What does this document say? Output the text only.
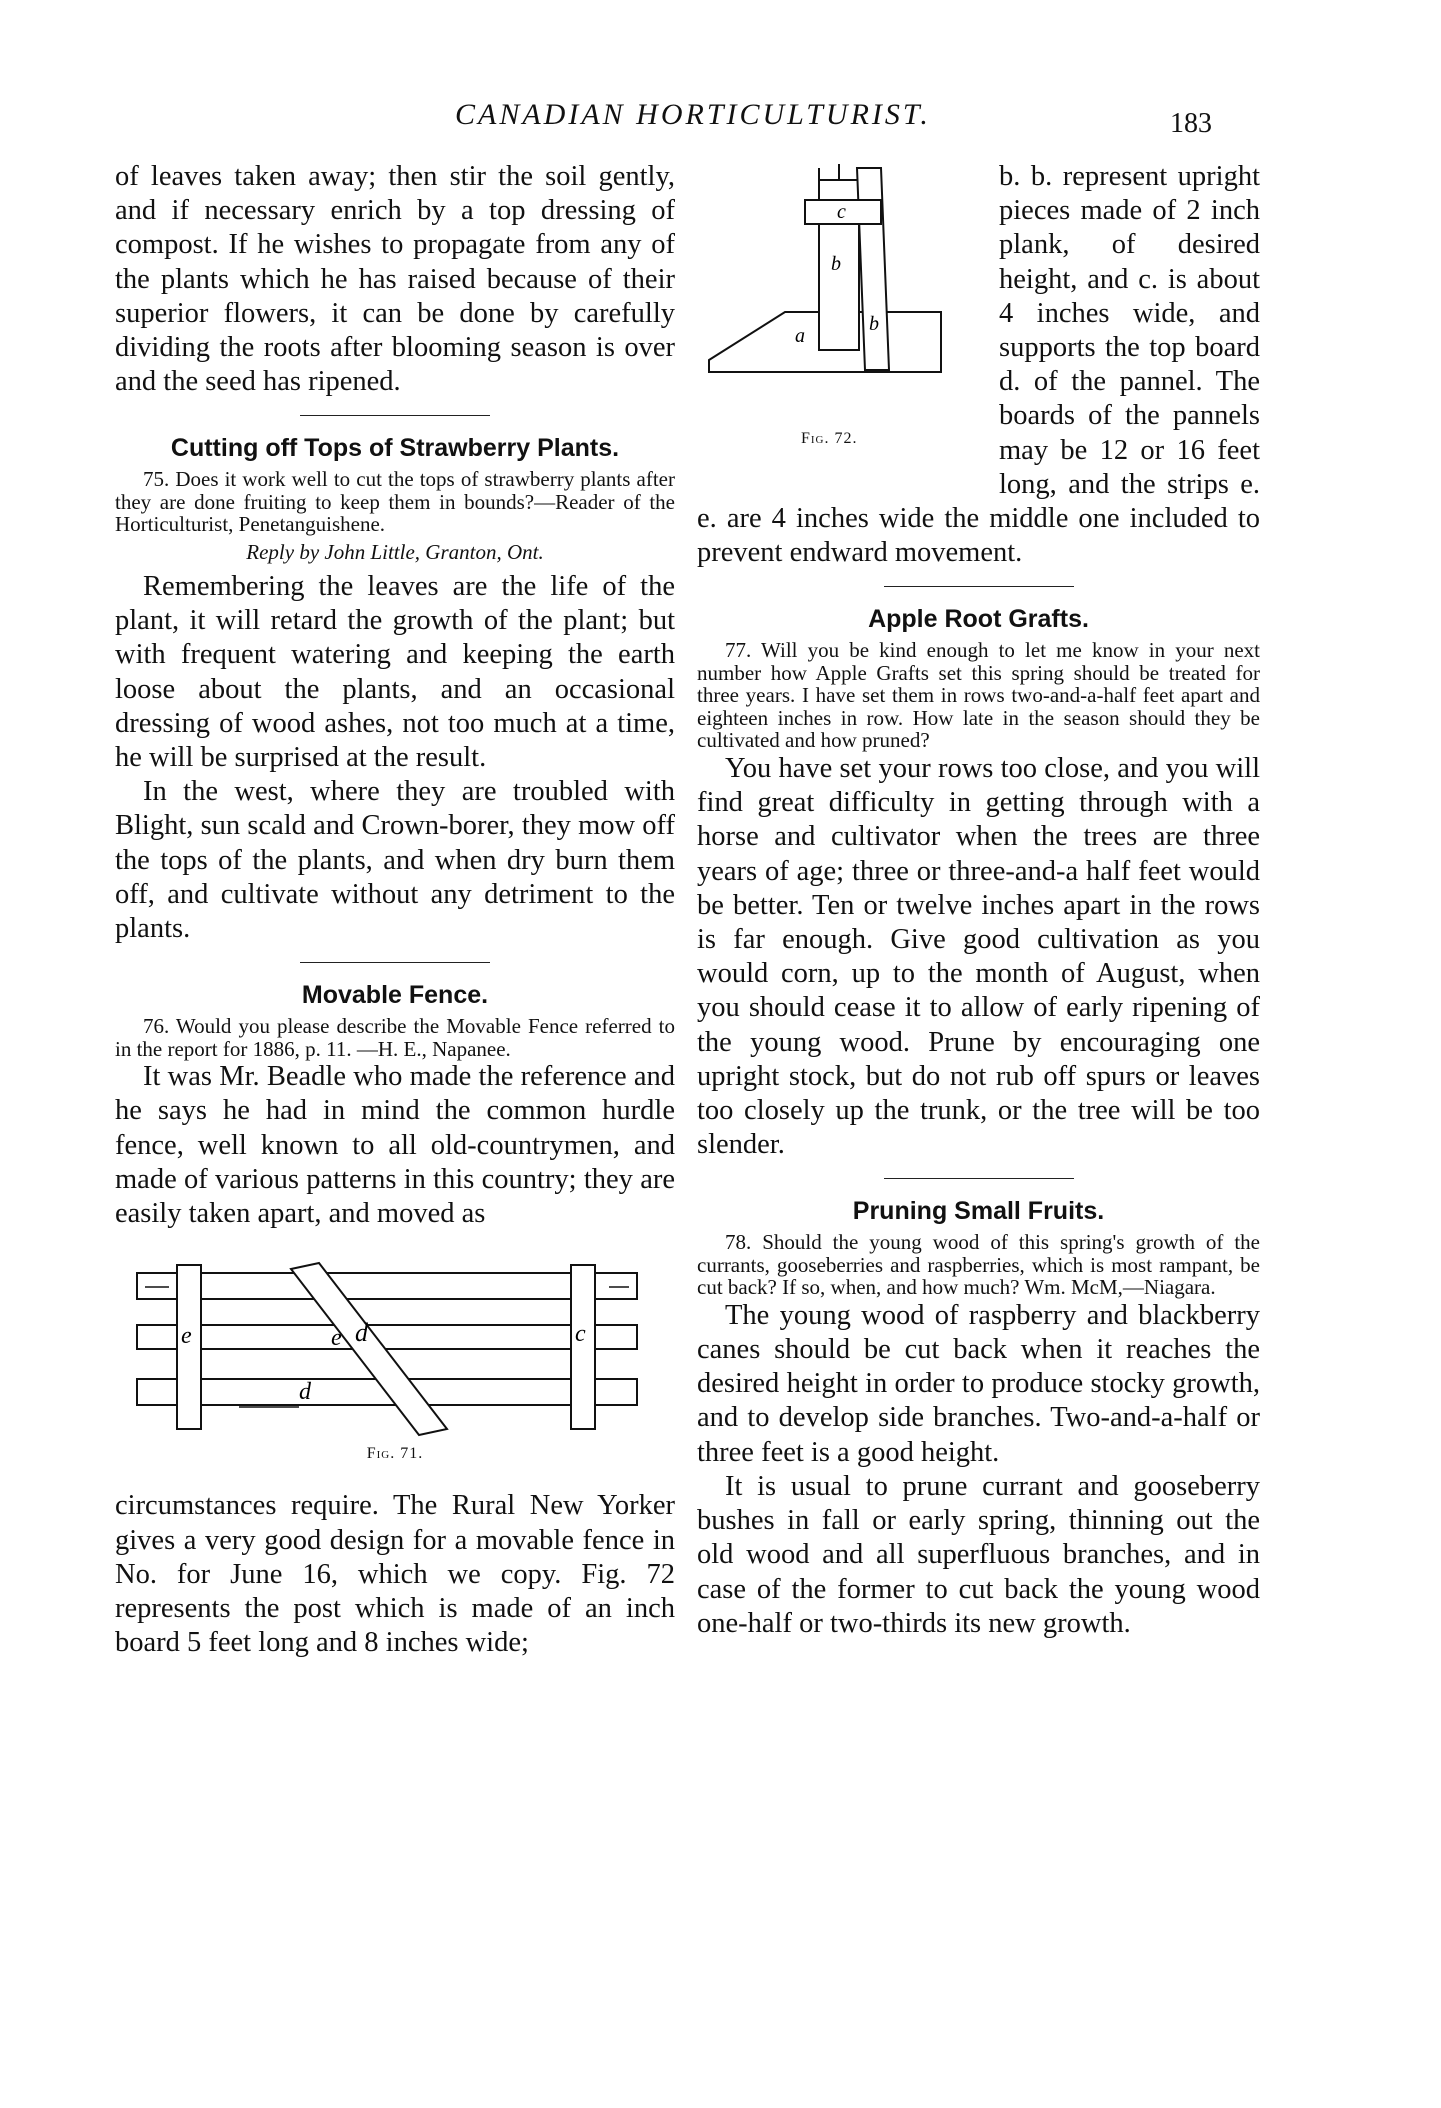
CANADIAN HORTICULTURIST.	183

of leaves taken away; then stir the soil gently, and if necessary enrich by a top dressing of compost. If he wishes to propagate from any of the plants which he has raised because of their superior flowers, it can be done by carefully dividing the roots after blooming season is over and the seed has ripened.

Cutting off Tops of Strawberry Plants.

75. Does it work well to cut the tops of strawberry plants after they are done fruiting to keep them in bounds?—Reader of the Horticulturist, Penetanguishene.

Reply by John Little, Granton, Ont.

Remembering the leaves are the life of the plant, it will retard the growth of the plant; but with frequent watering and keeping the earth loose about the plants, and an occasional dressing of wood ashes, not too much at a time, he will be surprised at the result.

In the west, where they are troubled with Blight, sun scald and Crown-borer, they mow off the tops of the plants, and when dry burn them off, and cultivate without any detriment to the plants.

Movable Fence.

76. Would you please describe the Movable Fence referred to in the report for 1886, p. 11. —H. E., Napanee.

It was Mr. Beadle who made the reference and he says he had in mind the common hurdle fence, well known to all old-countrymen, and made of various patterns in this country; they are easily taken apart, and moved as

e	e d	c
d
Fig. 71.

circumstances require. The Rural New Yorker gives a very good design for a movable fence in No. for June 16, which we copy. Fig. 72 represents the post which is made of an inch board 5 feet long and 8 inches wide;

c
b
b
a
Fig. 72.

b. b. represent upright pieces made of 2 inch plank, of desired height, and c. is about 4 inches wide, and supports the top board d. of the pannel. The boards of the pannels may be 12 or 16 feet long, and the strips e. e. are 4 inches wide the middle one included to prevent endward movement.

Apple Root Grafts.

77. Will you be kind enough to let me know in your next number how Apple Grafts set this spring should be treated for three years. I have set them in rows two-and-a-half feet apart and eighteen inches in row. How late in the season should they be cultivated and how pruned?

You have set your rows too close, and you will find great difficulty in getting through with a horse and cultivator when the trees are three years of age; three or three-and-a half feet would be better. Ten or twelve inches apart in the rows is far enough. Give good cultivation as you would corn, up to the month of August, when you should cease it to allow of early ripening of the young wood. Prune by encouraging one upright stock, but do not rub off spurs or leaves too closely up the trunk, or the tree will be too slender.

Pruning Small Fruits.

78. Should the young wood of this spring's growth of the currants, gooseberries and raspberries, which is most rampant, be cut back? If so, when, and how much? Wm. McM,—Niagara.

The young wood of raspberry and blackberry canes should be cut back when it reaches the desired height in order to produce stocky growth, and to develop side branches. Two-and-a-half or three feet is a good height.

It is usual to prune currant and gooseberry bushes in fall or early spring, thinning out the old wood and all superfluous branches, and in case of the former to cut back the young wood one-half or two-thirds its new growth.
